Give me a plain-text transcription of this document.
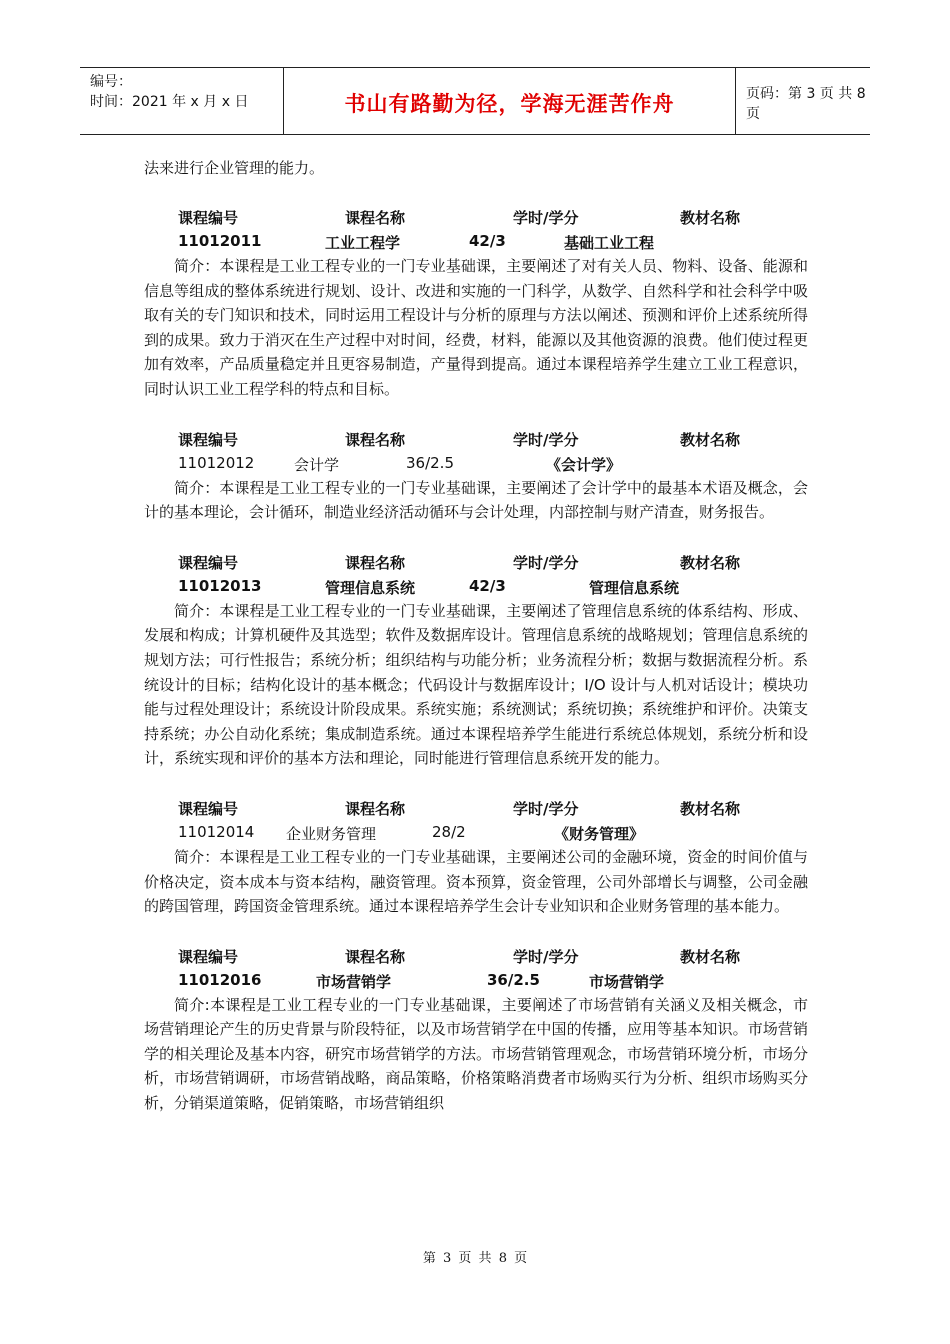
编号：
时间：2021 年 x 月 x 日	书山有路勤为径，学海无涯苦作舟	页码：第 3 页 共 8 页
法来进行企业管理的能力。
课程编号	课程名称	学时/学分	教材名称
11012011	工业工程学	42/3	基础工业工程
简介：本课程是工业工程专业的一门专业基础课，主要阐述了对有关人员、物料、设备、能源和信息等组成的整体系统进行规划、设计、改进和实施的一门科学，从数学、自然科学和社会科学中吸取有关的专门知识和技术，同时运用工程设计与分析的原理与方法以阐述、预测和评价上述系统所得到的成果。致力于消灭在生产过程中对时间，经费，材料，能源以及其他资源的浪费。他们使过程更加有效率，产品质量稳定并且更容易制造，产量得到提高。通过本课程培养学生建立工业工程意识，同时认识工业工程学科的特点和目标。
课程编号	课程名称	学时/学分	教材名称
11012012	会计学	36/2.5	《会计学》
简介：本课程是工业工程专业的一门专业基础课，主要阐述了会计学中的最基本术语及概念，会计的基本理论，会计循环，制造业经济活动循环与会计处理，内部控制与财产清查，财务报告。
课程编号	课程名称	学时/学分	教材名称
11012013	管理信息系统	42/3	管理信息系统
简介：本课程是工业工程专业的一门专业基础课，主要阐述了管理信息系统的体系结构、形成、发展和构成；计算机硬件及其选型；软件及数据库设计。管理信息系统的战略规划；管理信息系统的规划方法；可行性报告；系统分析；组织结构与功能分析；业务流程分析；数据与数据流程分析。系统设计的目标；结构化设计的基本概念；代码设计与数据库设计；I/O 设计与人机对话设计；模块功能与过程处理设计；系统设计阶段成果。系统实施；系统测试；系统切换；系统维护和评价。决策支持系统；办公自动化系统；集成制造系统。通过本课程培养学生能进行系统总体规划，系统分析和设计，系统实现和评价的基本方法和理论，同时能进行管理信息系统开发的能力。
课程编号	课程名称	学时/学分	教材名称
11012014 企业财务管理	28/2	《财务管理》
简介：本课程是工业工程专业的一门专业基础课，主要阐述公司的金融环境，资金的时间价值与价格决定，资本成本与资本结构，融资管理。资本预算，资金管理，公司外部增长与调整，公司金融的跨国管理，跨国资金管理系统。通过本课程培养学生会计专业知识和企业财务管理的基本能力。
课程编号	课程名称	学时/学分	教材名称
11012016	市场营销学	36/2.5	市场营销学
简介:本课程是工业工程专业的一门专业基础课，主要阐述了市场营销有关涵义及相关概念，市场营销理论产生的历史背景与阶段特征，以及市场营销学在中国的传播，应用等基本知识。市场营销学的相关理论及基本内容，研究市场营销学的方法。市场营销管理观念，市场营销环境分析，市场分析，市场营销调研，市场营销战略，商品策略，价格策略消费者市场购买行为分析、组织市场购买分析，分销渠道策略，促销策略，市场营销组织
第 3 页 共 8 页
